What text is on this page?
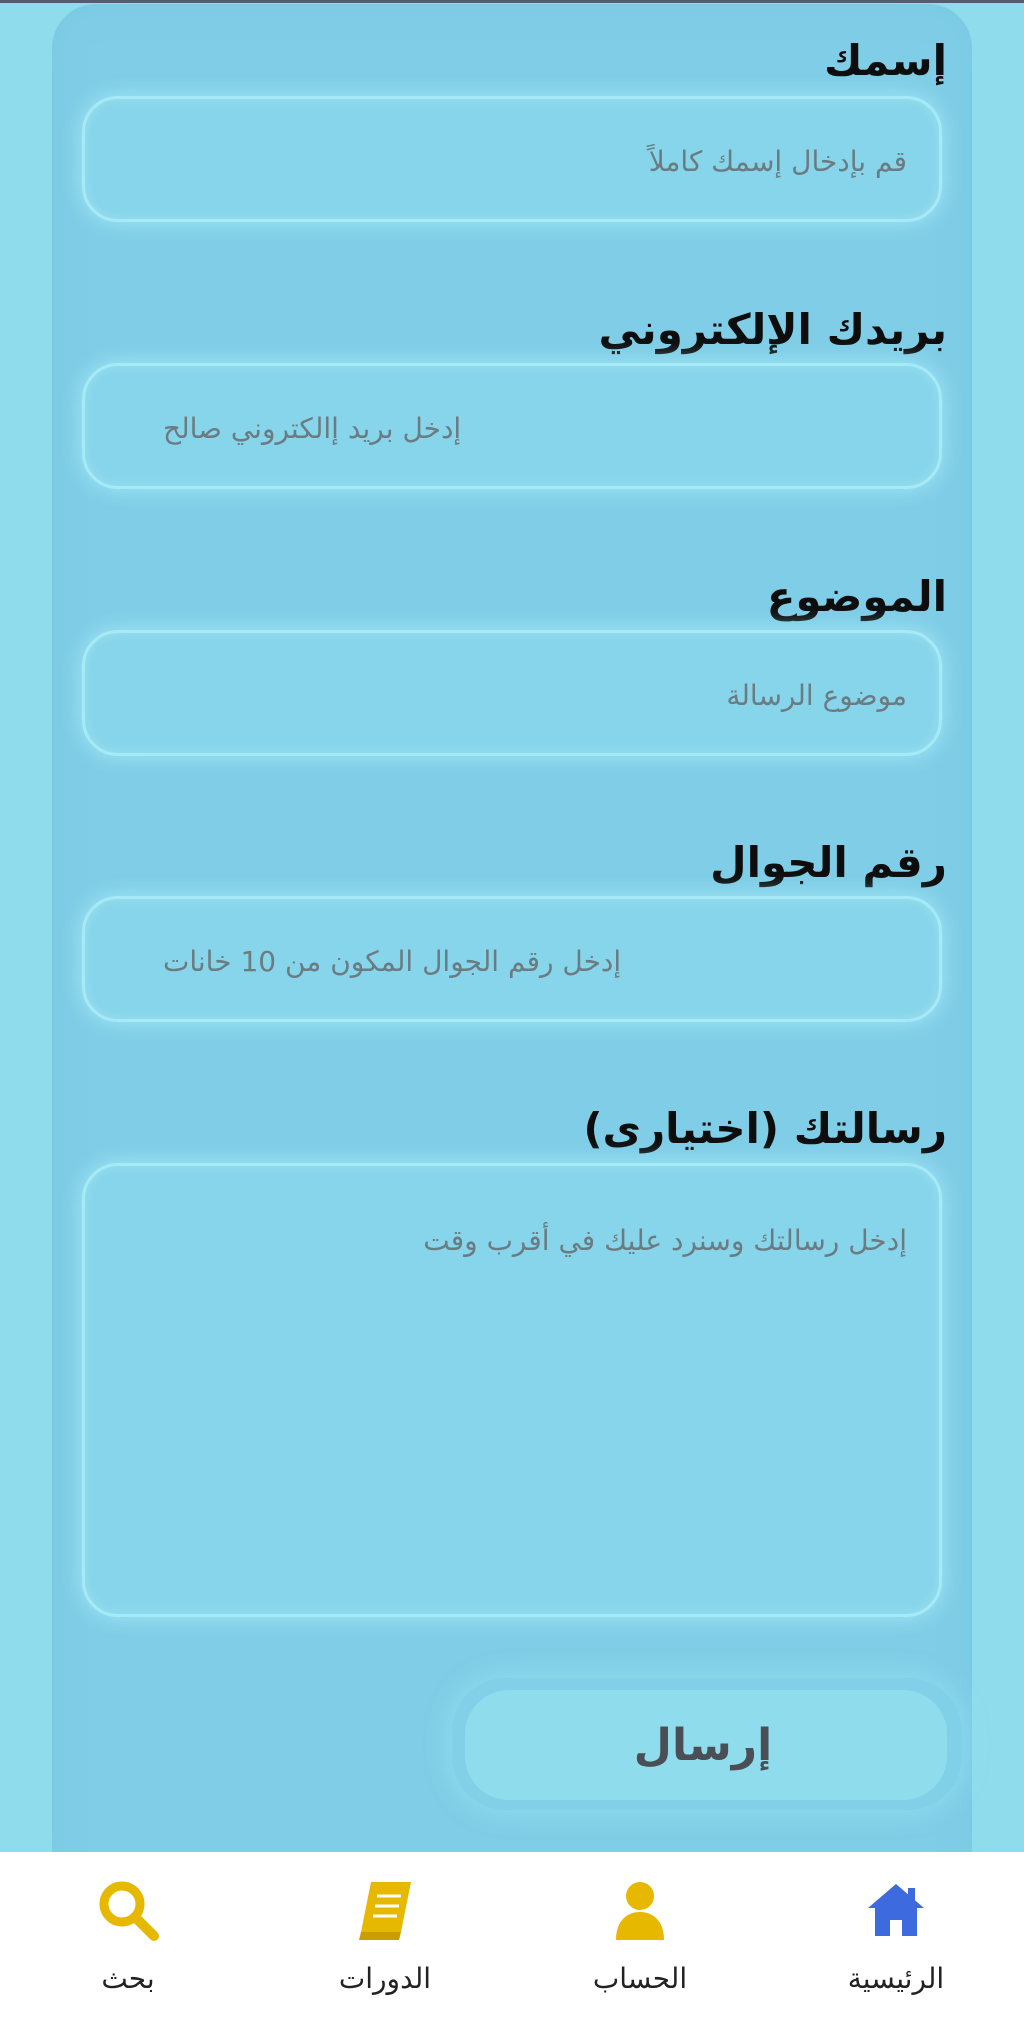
إسمك
قم بإدخال إسمك كاملاً
بريدك الإلكتروني
إدخل بريد إالكتروني صالح
الموضوع
موضوع الرسالة
رقم الجوال
إدخل رقم الجوال المكون من 10 خانات
رسالتك (اختيارى)
إدخل رسالتك وسنرد عليك في أقرب وقت
إرسال
الرئيسية
الحساب
الدورات
بحث
